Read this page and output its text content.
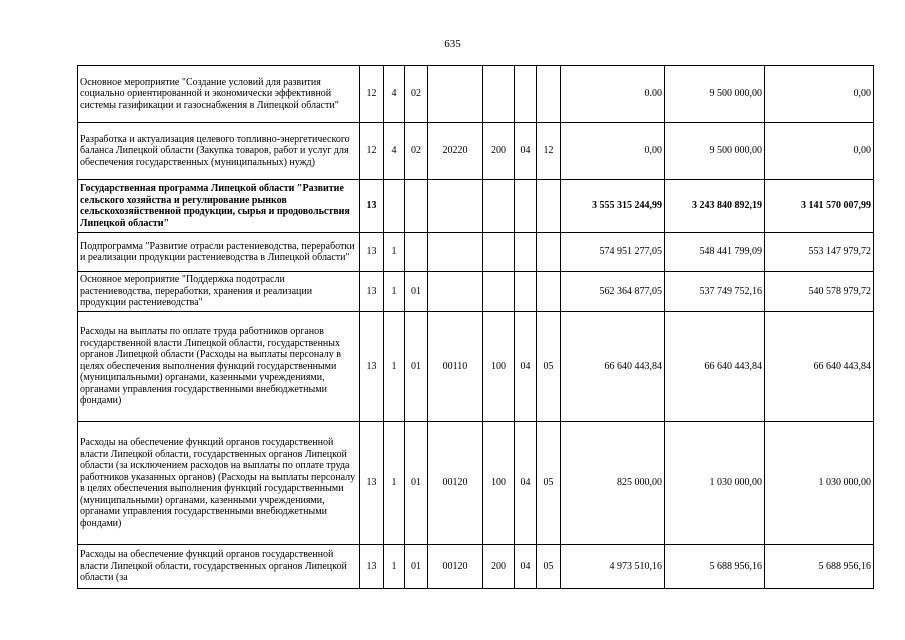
635
Основное мероприятие "Создание условий для развития социально ориентированной и экономически эффективной системы газификации и газоснабжения в Липецкой области"	12	4	02					0.00	9 500 000,00	0,00
Разработка и актуализация целевого топливно-энергетического баланса Липецкой области (Закупка товаров, работ и услуг для обеспечения государственных (муниципальных) нужд)	12	4	02	20220	200	04	12	0,00	9 500 000,00	0,00
Государственная программа Липецкой области "Развитие сельского хозяйства и регулирование рынков сельскохозяйственной продукции, сырья и продовольствия Липецкой области"	13							3 555 315 244,99	3 243 840 892,19	3 141 570 007,99
Подпрограмма "Развитие отрасли растениеводства, переработки и реализации продукции растениеводства в Липецкой области"	13	1						574 951 277,05	548 441 799,09	553 147 979,72
Основное мероприятие "Поддержка подотрасли растениеводства, переработки, хранения и реализации продукции растениеводства"	13	1	01					562 364 877,05	537 749 752,16	540 578 979,72
Расходы на выплаты по оплате труда работников органов государственной власти Липецкой области, государственных органов Липецкой области (Расходы на выплаты персоналу в целях обеспечения выполнения функций государственными (муниципальными) органами, казенными учреждениями, органами управления государственными внебюджетными фондами)	13	1	01	00110	100	04	05	66 640 443,84	66 640 443,84	66 640 443,84
Расходы на обеспечение функций органов государственной власти Липецкой области, государственных органов Липецкой области (за исключением расходов на выплаты по оплате труда работников указанных органов) (Расходы на выплаты персоналу в целях обеспечения выполнения функций государственными (муниципальными) органами, казенными учреждениями, органами управления государственными внебюджетными фондами)	13	1	01	00120	100	04	05	825 000,00	1 030 000,00	1 030 000,00
Расходы на обеспечение функций органов государственной власти Липецкой области, государственных органов Липецкой области (за	13	1	01	00120	200	04	05	4 973 510,16	5 688 956,16	5 688 956,16
